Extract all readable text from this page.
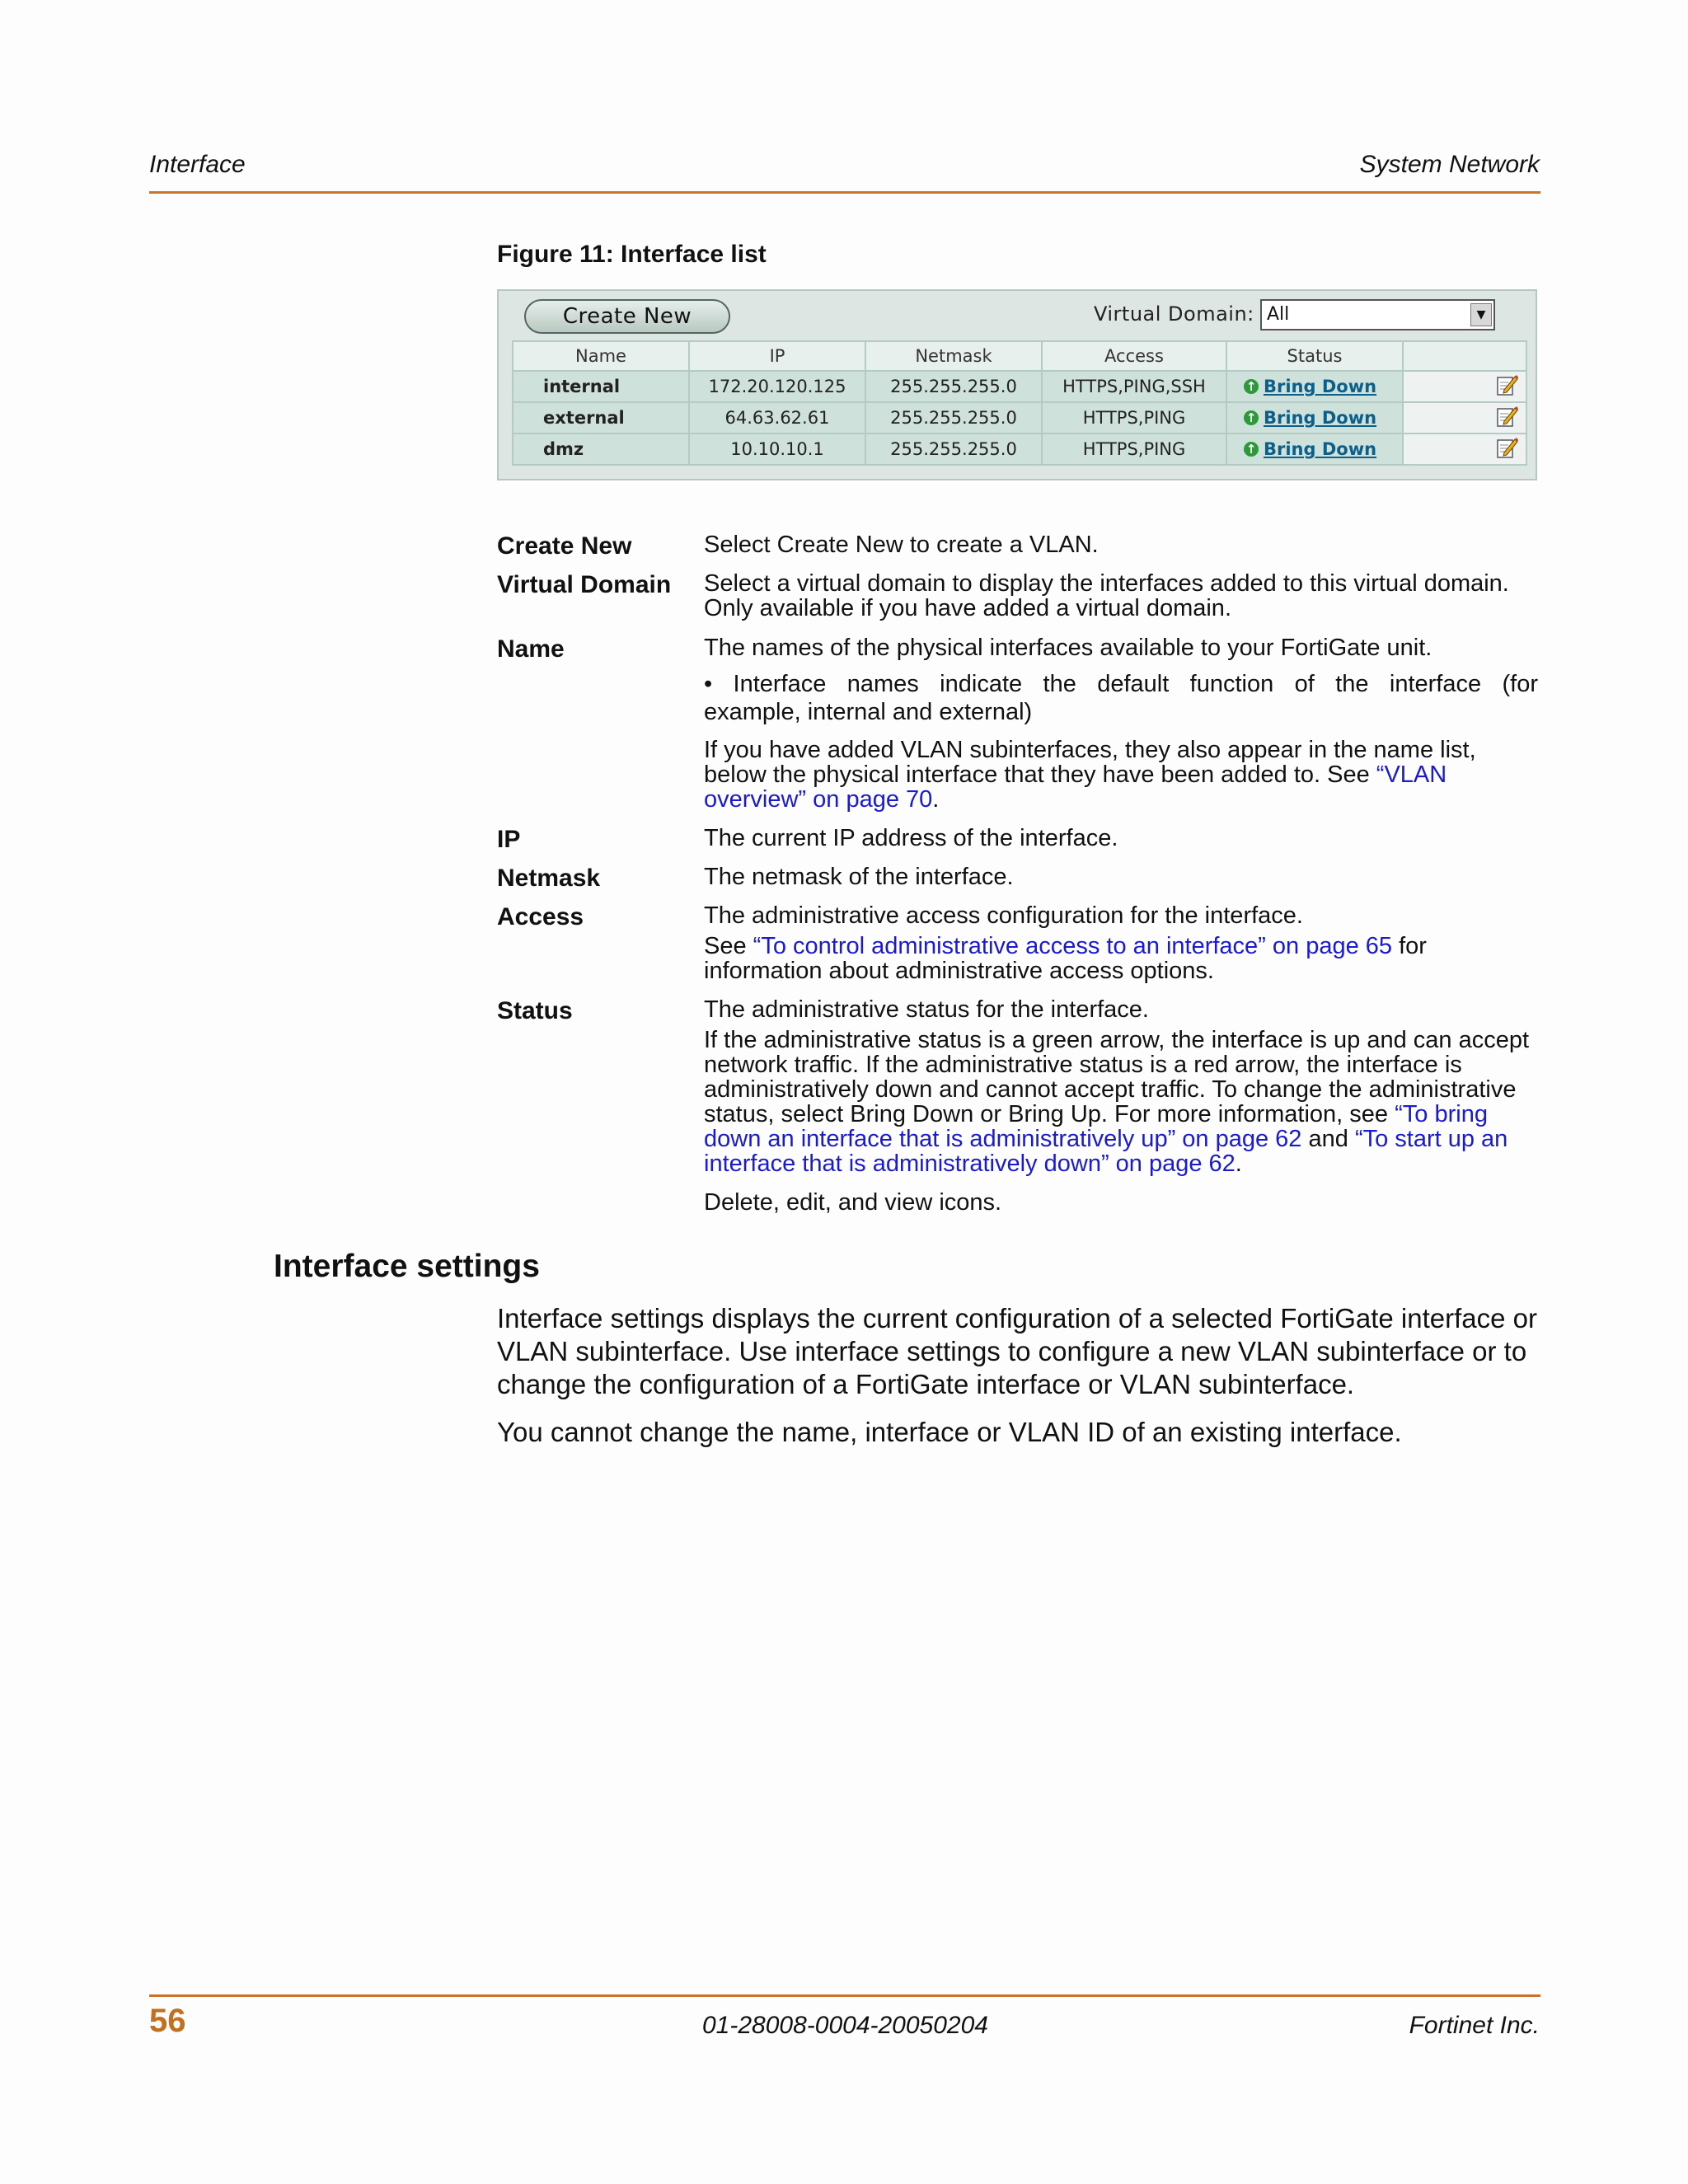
Interface	System Network
Figure 11: Interface list
Create New	Virtual Domain: All	▼
Name	IP	Netmask	Access	Status	
internal	172.20.120.125	255.255.255.0	HTTPS,PING,SSH	↑ Bring Down

external	64.63.62.61	255.255.255.0	HTTPS,PING	↑ Bring Down

dmz	10.10.10.1	255.255.255.0	HTTPS,PING	↑ Bring Down

Create New	Select Create New to create a VLAN.
Virtual Domain Select a virtual domain to display the interfaces added to this virtual domain. Only available if you have added a virtual domain.
Name	The names of the physical interfaces available to your FortiGate unit.
• Interface names indicate the default function of the interface (for
example, internal and external)
If you have added VLAN subinterfaces, they also appear in the name list, below the physical interface that they have been added to. See “VLAN overview” on page 70.
IP	The current IP address of the interface.
Netmask	The netmask of the interface.
Access	The administrative access configuration for the interface.
See “To control administrative access to an interface” on page 65 for information about administrative access options.
Status	The administrative status for the interface.
If the administrative status is a green arrow, the interface is up and can accept network traffic. If the administrative status is a red arrow, the interface is administratively down and cannot accept traffic. To change the administrative status, select Bring Down or Bring Up. For more information, see “To bring down an interface that is administratively up” on page 62 and “To start up an interface that is administratively down” on page 62.
Delete, edit, and view icons.
Interface settings
Interface settings displays the current configuration of a selected FortiGate interface or VLAN subinterface. Use interface settings to configure a new VLAN subinterface or to change the configuration of a FortiGate interface or VLAN subinterface.
You cannot change the name, interface or VLAN ID of an existing interface.
56	01-28008-0004-20050204	Fortinet Inc.
